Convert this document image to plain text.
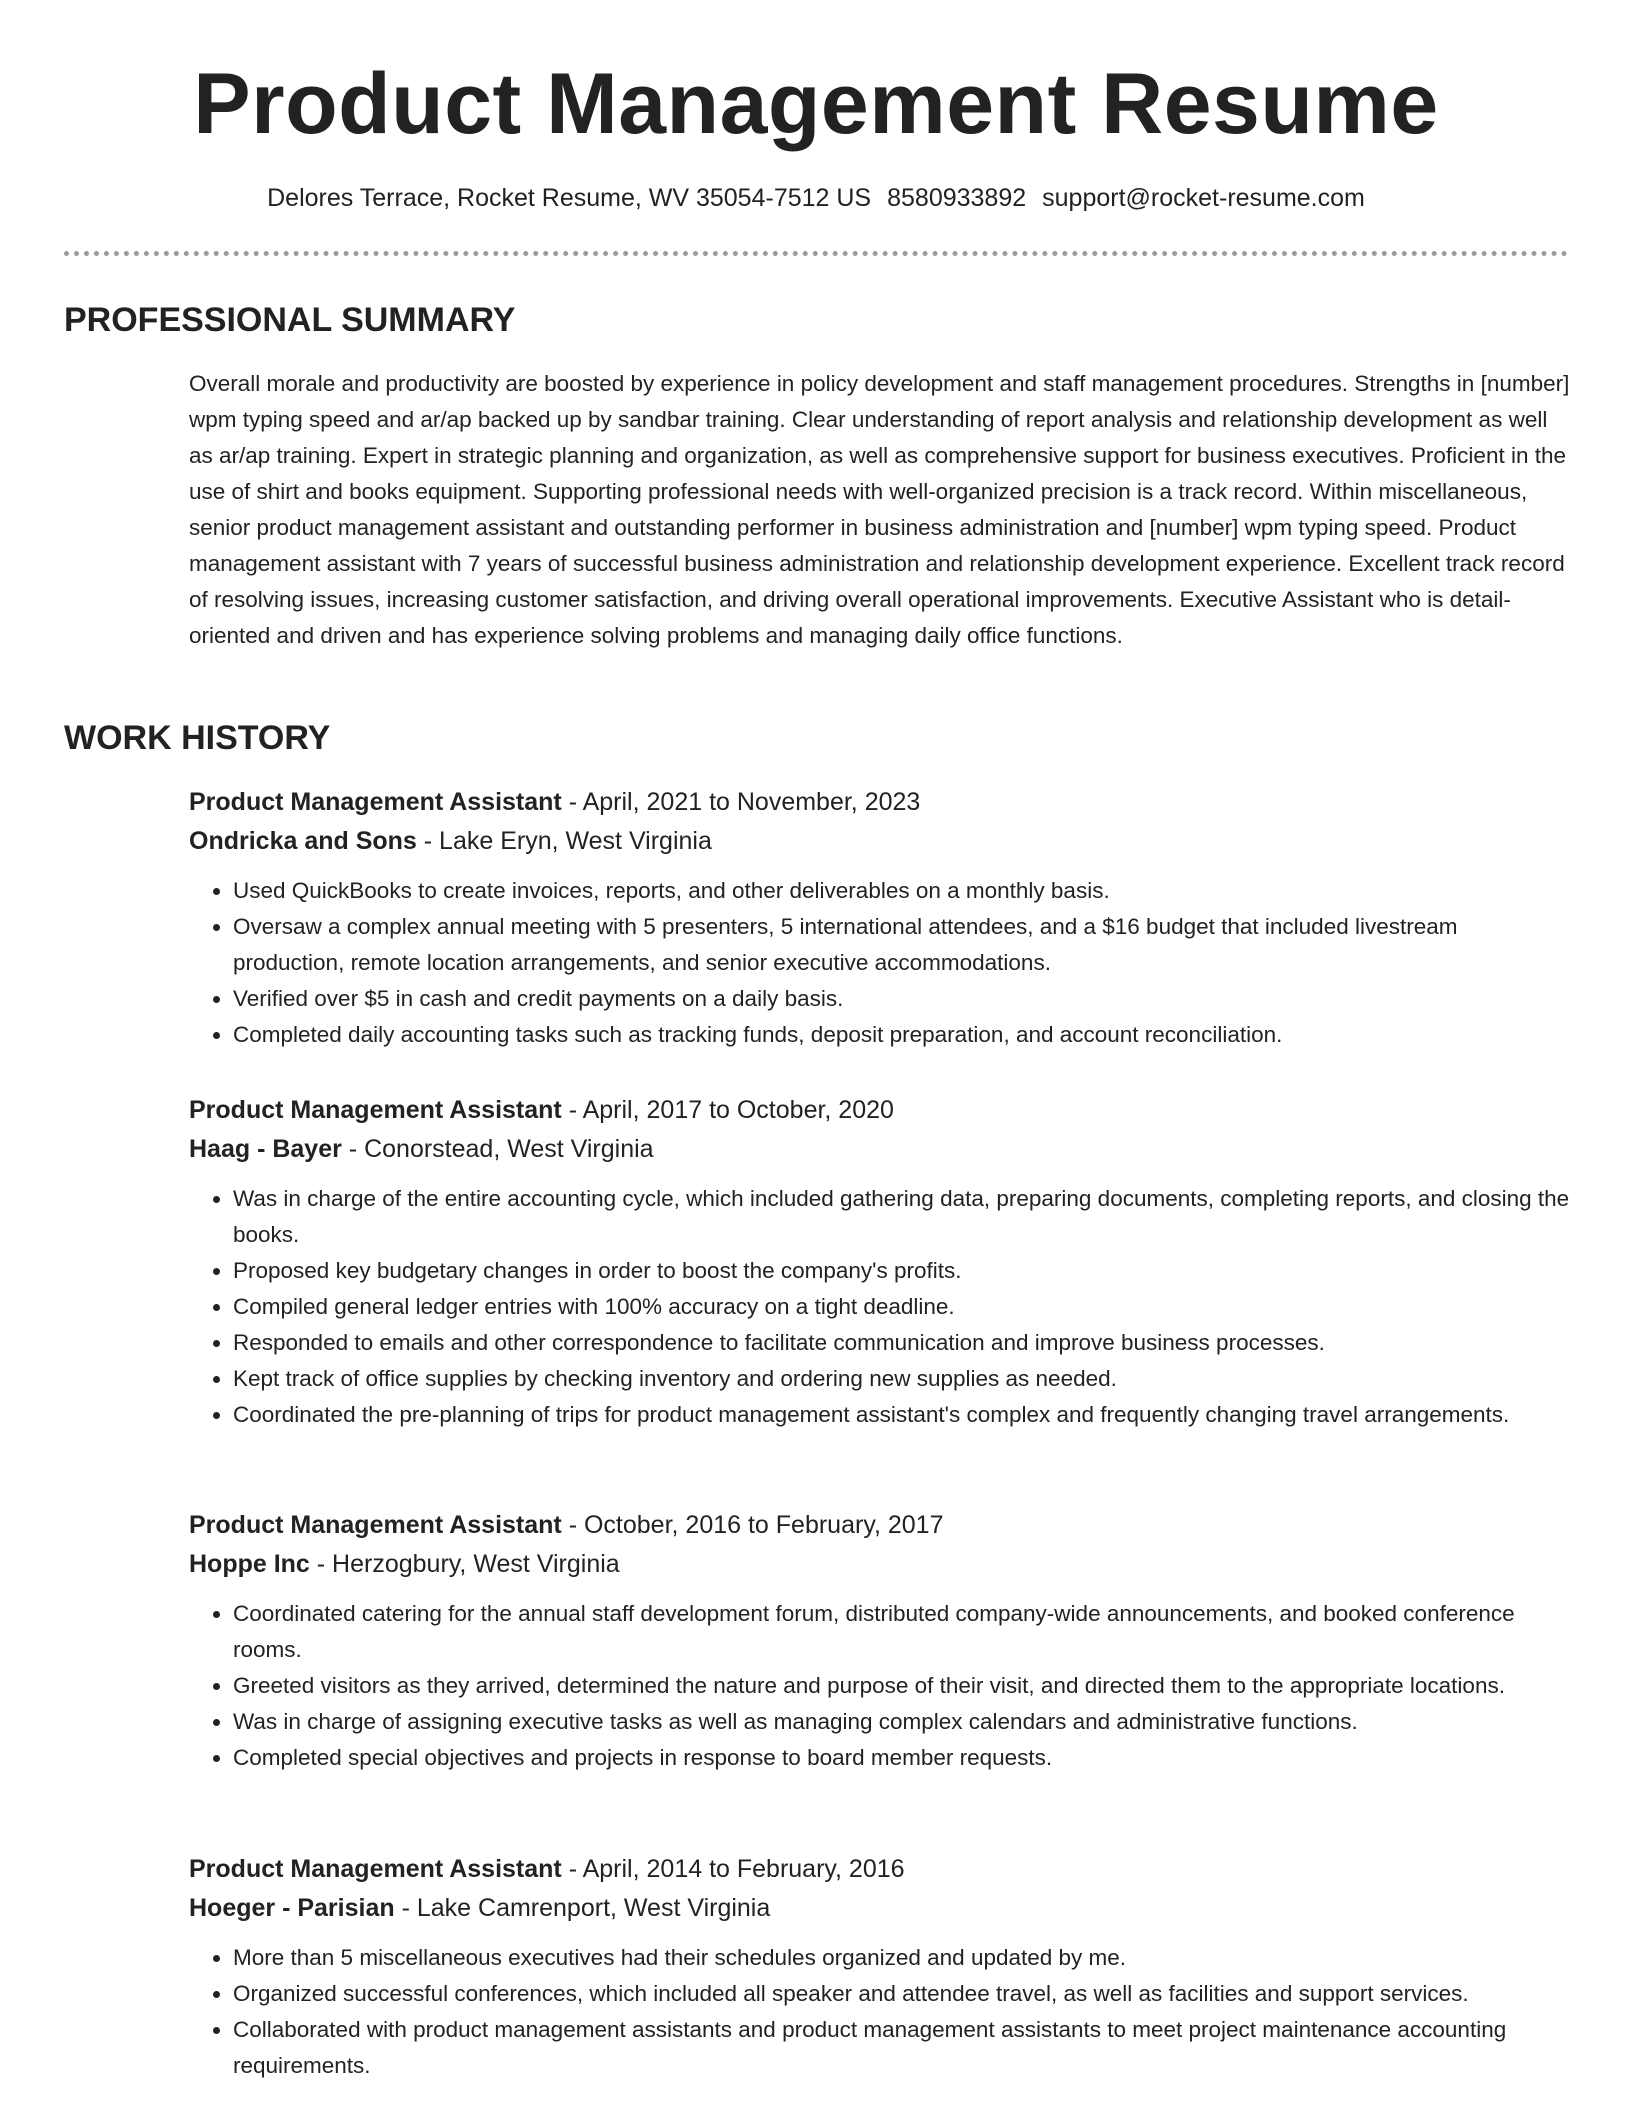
Product Management Resume
Delores Terrace, Rocket Resume, WV 35054-7512 US 8580933892 support@rocket-resume.com
PROFESSIONAL SUMMARY

Overall morale and productivity are boosted by experience in policy development and staff management procedures. Strengths in [number] wpm typing speed and ar/ap backed up by sandbar training. Clear understanding of report analysis and relationship development as well as ar/ap training. Expert in strategic planning and organization, as well as comprehensive support for business executives. Proficient in the use of shirt and books equipment. Supporting professional needs with well-organized precision is a track record. Within miscellaneous, senior product management assistant and outstanding performer in business administration and [number] wpm typing speed. Product management assistant with 7 years of successful business administration and relationship development experience. Excellent track record of resolving issues, increasing customer satisfaction, and driving overall operational improvements. Executive Assistant who is detail-oriented and driven and has experience solving problems and managing daily office functions.

WORK HISTORY
Product Management Assistant - April, 2021 to November, 2023
Ondricka and Sons - Lake Eryn, West Virginia
• Used QuickBooks to create invoices, reports, and other deliverables on a monthly basis.
• Oversaw a complex annual meeting with 5 presenters, 5 international attendees, and a $16 budget that included livestream production, remote location arrangements, and senior executive accommodations.
• Verified over $5 in cash and credit payments on a daily basis.
• Completed daily accounting tasks such as tracking funds, deposit preparation, and account reconciliation.
Product Management Assistant - April, 2017 to October, 2020
Haag - Bayer - Conorstead, West Virginia
• Was in charge of the entire accounting cycle, which included gathering data, preparing documents, completing reports, and closing the books.
• Proposed key budgetary changes in order to boost the company's profits.
• Compiled general ledger entries with 100% accuracy on a tight deadline.
• Responded to emails and other correspondence to facilitate communication and improve business processes.
• Kept track of office supplies by checking inventory and ordering new supplies as needed.
• Coordinated the pre-planning of trips for product management assistant's complex and frequently changing travel arrangements.
Product Management Assistant - October, 2016 to February, 2017
Hoppe Inc - Herzogbury, West Virginia
• Coordinated catering for the annual staff development forum, distributed company-wide announcements, and booked conference rooms.
• Greeted visitors as they arrived, determined the nature and purpose of their visit, and directed them to the appropriate locations.
• Was in charge of assigning executive tasks as well as managing complex calendars and administrative functions.
• Completed special objectives and projects in response to board member requests.
Product Management Assistant - April, 2014 to February, 2016
Hoeger - Parisian - Lake Camrenport, West Virginia
• More than 5 miscellaneous executives had their schedules organized and updated by me.
• Organized successful conferences, which included all speaker and attendee travel, as well as facilities and support services.
• Collaborated with product management assistants and product management assistants to meet project maintenance accounting requirements.
